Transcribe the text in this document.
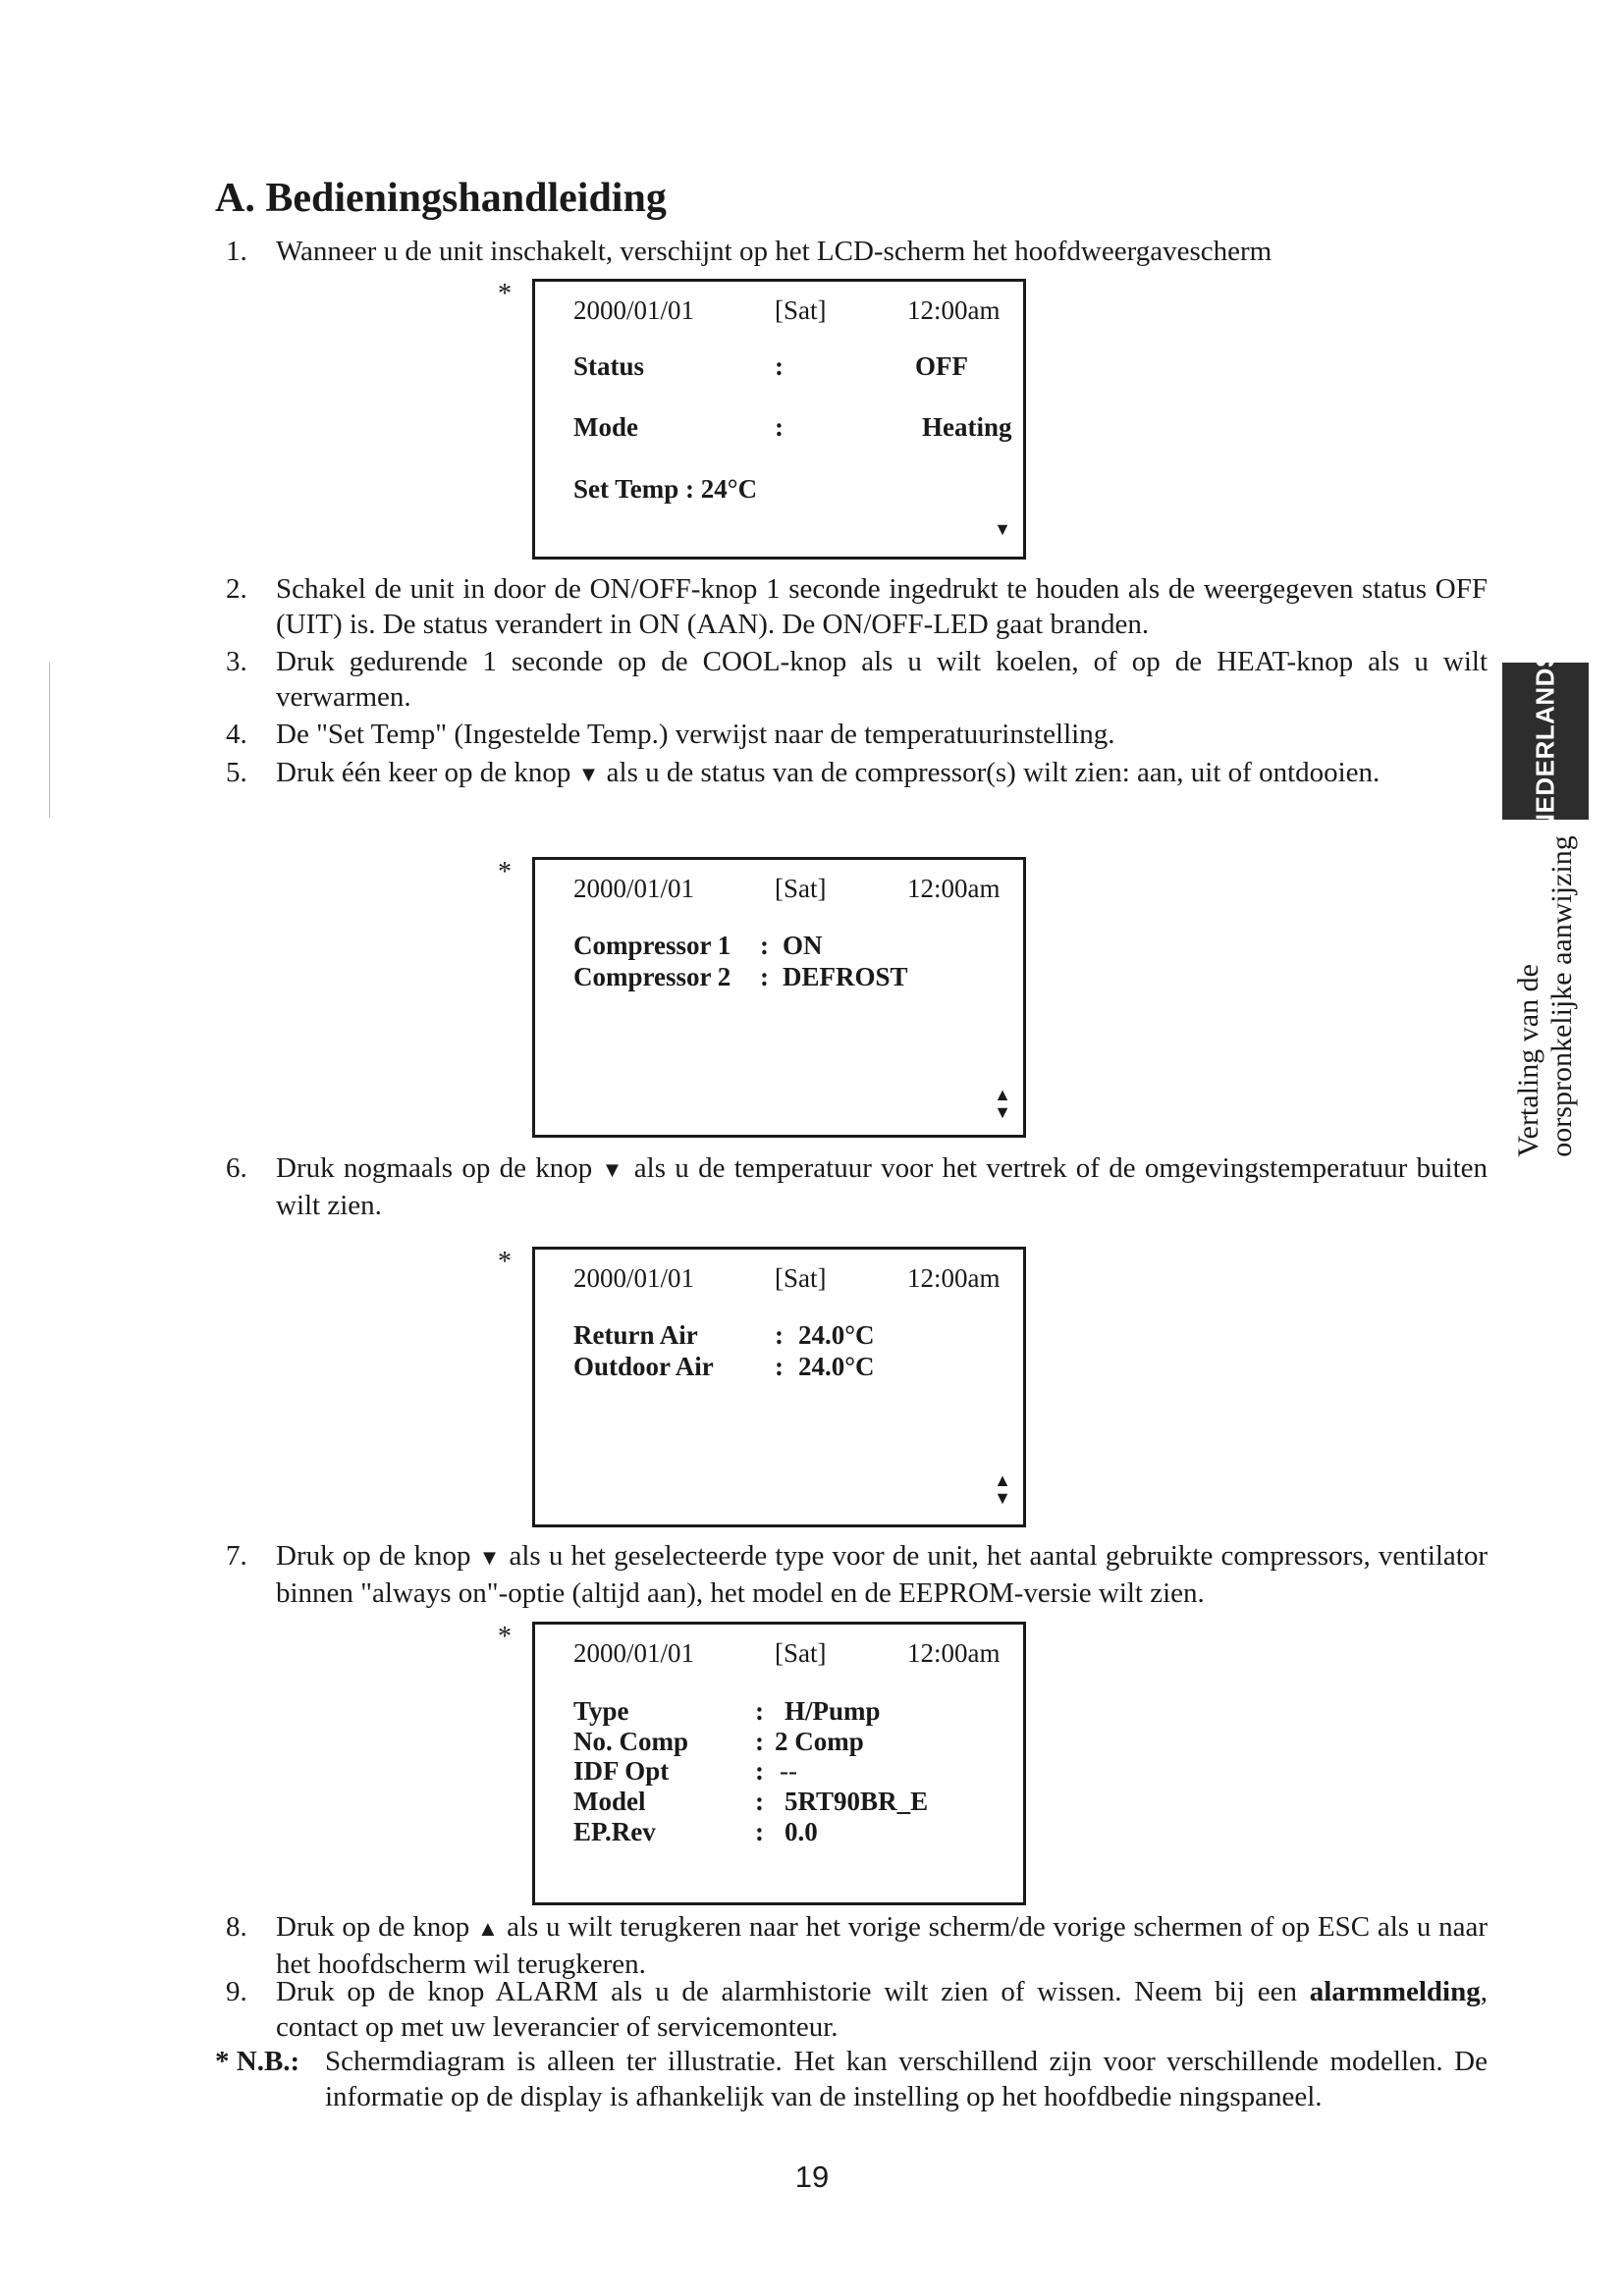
A. Bedieningshandleiding
1. Wanneer u de unit inschakelt, verschijnt op het LCD-scherm het hoofdweergavescherm
*
2000/01/01	[Sat]	12:00am
Status	:	OFF
Mode	:	Heating
Set Temp : 24°C
▼
2. Schakel de unit in door de ON/OFF-knop 1 seconde ingedrukt te houden als de weergegeven status OFF (UIT) is. De status verandert in ON (AAN). De ON/OFF-LED gaat branden.
3. Druk gedurende 1 seconde op de COOL-knop als u wilt koelen, of op de HEAT-knop als u wilt verwarmen.
4. De "Set Temp" (Ingestelde Temp.) verwijst naar de temperatuurinstelling.
5. Druk één keer op de knop ▼ als u de status van de compressor(s) wilt zien: aan, uit of ontdooien.
*
2000/01/01	[Sat]	12:00am
Compressor 1 : ON
Compressor 2 : DEFROST
▲
▼
6. Druk nogmaals op de knop ▼ als u de temperatuur voor het vertrek of de omgevingstemperatuur buiten wilt zien.
*
2000/01/01	[Sat]	12:00am
Return Air	: 24.0°C
Outdoor Air : 24.0°C
▲
▼
7. Druk op de knop ▼ als u het geselecteerde type voor de unit, het aantal gebruikte compressors, ventilator binnen "always on"-optie (altijd aan), het model en de EEPROM-versie wilt zien.
*
2000/01/01	[Sat]	12:00am
Type	: H/Pump
No. Comp	: 2 Comp
IDF Opt	: --
Model	: 5RT90BR_E
EP.Rev	: 0.0
8. Druk op de knop ▲ als u wilt terugkeren naar het vorige scherm/de vorige schermen of op ESC als u naar het hoofdscherm wil terugkeren.
9. Druk op de knop ALARM als u de alarmhistorie wilt zien of wissen. Neem bij een alarmmelding, contact op met uw leverancier of servicemonteur.
* N.B.: Schermdiagram is alleen ter illustratie. Het kan verschillend zijn voor verschillende modellen. De informatie op de display is afhankelijk van de instelling op het hoofdbedie ningspaneel.
NEDERLANDS
Vertaling van de oorspronkelijke aanwijzing
19
